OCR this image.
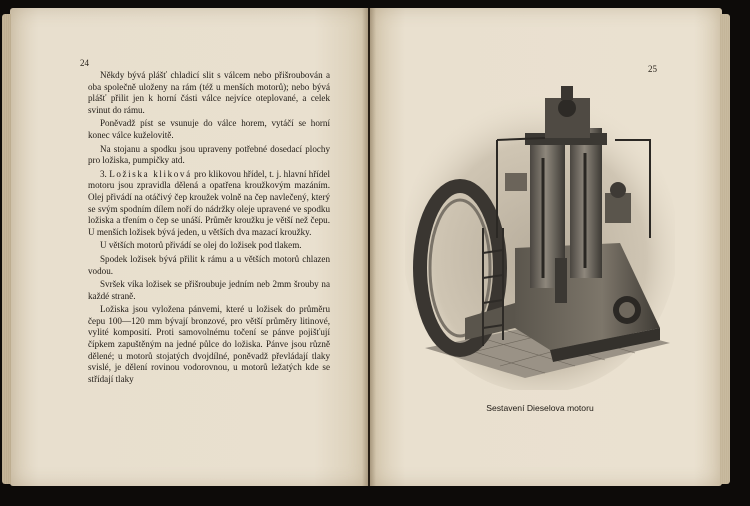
24
25

Někdy bývá plášť chladicí slit s válcem nebo přišroubován a oba společně uloženy na rám (též u menších motorů); nebo bývá plášť přilit jen k horní části válce nejvíce oteplované, a celek svinut do rámu.

Poněvadž píst se vsunuje do válce horem, vytáčí se horní konec válce kuželovitě.

Na stojanu a spodku jsou upraveny potřebné dosedací plochy pro ložiska, pumpičky atd.

3. Ložiska kliková pro klikovou hřídel, t. j. hlavní hřídel motoru jsou zpravidla dělená a opatřena kroužkovým mazáním. Olej přivádí na otáčivý čep kroužek volně na čep navlečený, který se svým spodním dílem noří do nádržky oleje upravené ve spodku ložiska a třením o čep se unáší. Průměr kroužku je větší než čepu. U menších ložisek bývá jeden, u větších dva mazací kroužky.

U větších motorů přivádí se olej do ložisek pod tlakem.

Spodek ložisek bývá přilit k rámu a u větších motorů chlazen vodou.

Svršek víka ložisek se přišroubuje jedním neb 2mm šrouby na každé straně.

Ložiska jsou vyložena pánvemi, které u ložisek do průměru čepu 100—120 mm bývají bronzové, pro větší průměry litinové, vylité komposití. Proti samovolnému točení se pánve pojišťují čípkem zapuštěným na jedné půlce do ložiska. Pánve jsou různě dělené; u motorů stojatých dvojdílné, poněvadž převládají tlaky svislé, je dělení rovinou vodorovnou, u motorů ležatých kde se střídají tlaky

Sestavení Dieselova motoru
